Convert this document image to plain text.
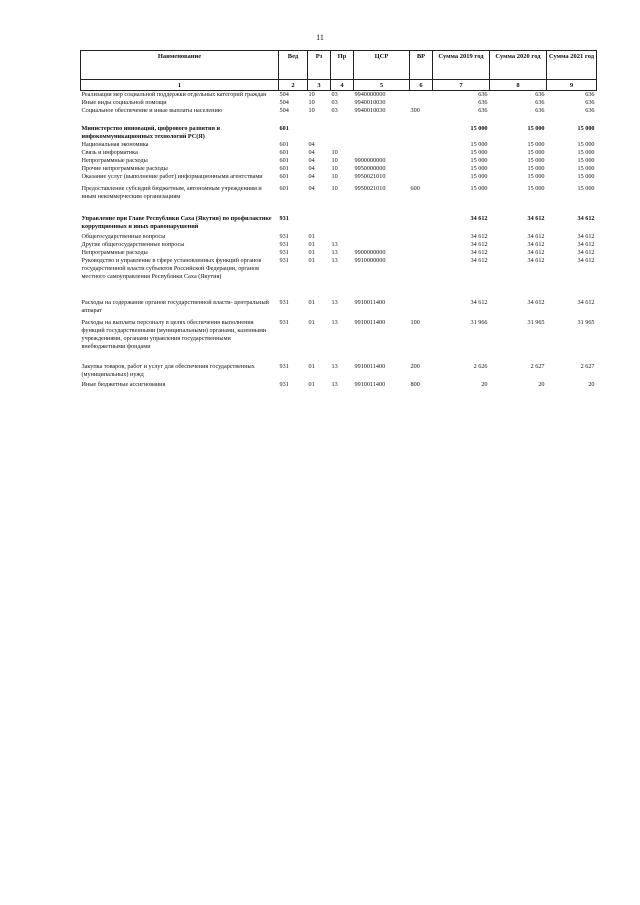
11
Наименование	Вед	Рз	Пр	ЦСР	ВР	Сумма 2019 год	Сумма 2020 год	Сумма 2021 год
1	2	3	4	5	6	7	8	9
Реализация мер социальной поддержки отдельных категорий граждан	504	10	03	9940000000		636	636	636
Иные виды социальной помощи	504	10	03	9940010030		636	636	636
Социальное обеспечение и иные выплаты населению	504	10	03	9940010030	300	636	636	636
Министерство инноваций, цифрового развития и инфокоммуникационных технологий РС(Я)	601					15 000	15 000	15 000
Национальная экономика	601	04				15 000	15 000	15 000
Связь и информатика	601	04	10			15 000	15 000	15 000
Непрограммные расходы	601	04	10	9900000000		15 000	15 000	15 000
Прочие непрограммные расходы	601	04	10	9950000000		15 000	15 000	15 000
Оказание услуг (выполнение работ) информационными агентствами	601	04	10	9950021010		15 000	15 000	15 000
Предоставление субсидий бюджетным, автономным учреждениям и иным некоммерческим организациям	601	04	10	9950021010	600	15 000	15 000	15 000
Управление при Главе Республики Саха (Якутия) по профилактике коррупционных и иных правонарушений	931					34 612	34 612	34 612
Общегосударственные вопросы	931	01				34 612	34 612	34 612
Другие общегосударственные вопросы	931	01	13			34 612	34 612	34 612
Непрограммные расходы	931	01	13	9900000000		34 612	34 612	34 612
Руководство и управление в сфере установленных функций органов государственной власти субъектов Российской Федерации, органов местного самоуправления Республики Саха (Якутия)	931	01	13	9910000000		34 612	34 612	34 612
Расходы на содержание органов государственной власти- центральный аппарат	931	01	13	9910011400		34 612	34 612	34 612
Расходы на выплаты персоналу в целях обеспечения выполнения функций государственными (муниципальными) органами, казенными учреждениями, органами управления государственными внебюджетными фондами	931	01	13	9910011400	100	31 966	31 965	31 965
Закупка товаров, работ и услуг для обеспечения государственных (муниципальных) нужд	931	01	13	9910011400	200	2 626	2 627	2 627
Иные бюджетные ассигнования	931	01	13	9910011400	800	20	20	20
